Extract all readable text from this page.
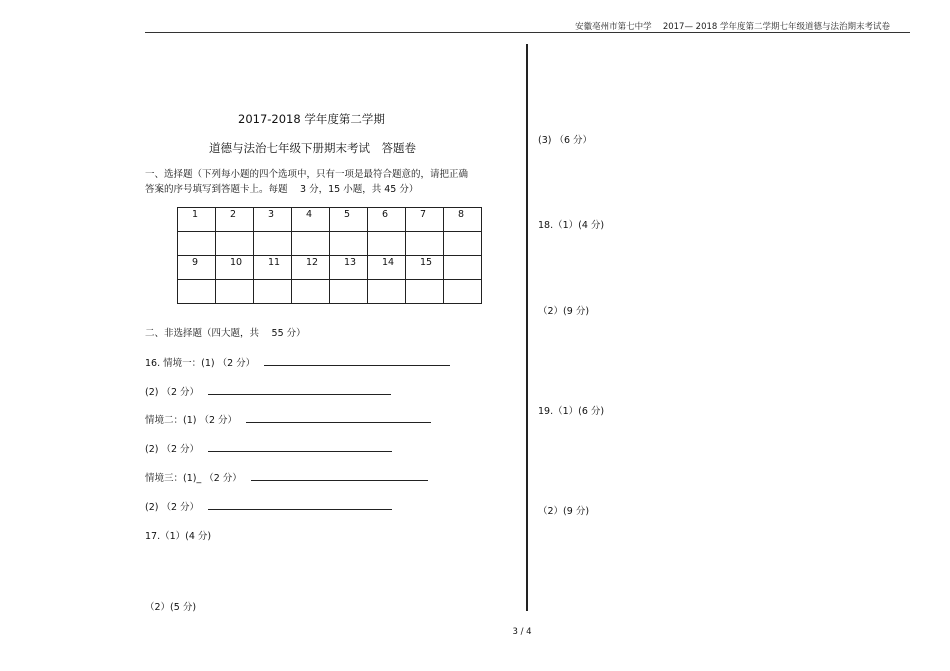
安徽亳州市第七中学　 2017— 2018 学年度第二学期七年级道德与法治期末考试卷
2017-2018 学年度第二学期
道德与法治七年级下册期末考试　答题卷
一、选择题（下列每小题的四个选项中，只有一项是最符合题意的，请把正确
答案的序号填写到答题卡上。每题　 3 分，15 小题，共 45 分）
1	2	3	4	5	6	7	8

9	10	11	12	13	14	15	

二、非选择题（四大题，共　 55 分）
16. 情境一：(1) （2 分）
(2) （2 分）
情境二：(1) （2 分）
(2) （2 分）
情境三：(1)_ （2 分）
(2) （2 分）
17.（1）(4 分)
（2）(5 分)
(3) （6 分）
18.（1）(4 分)
（2）(9 分)
19.（1）(6 分)
（2）(9 分)
3 / 4
